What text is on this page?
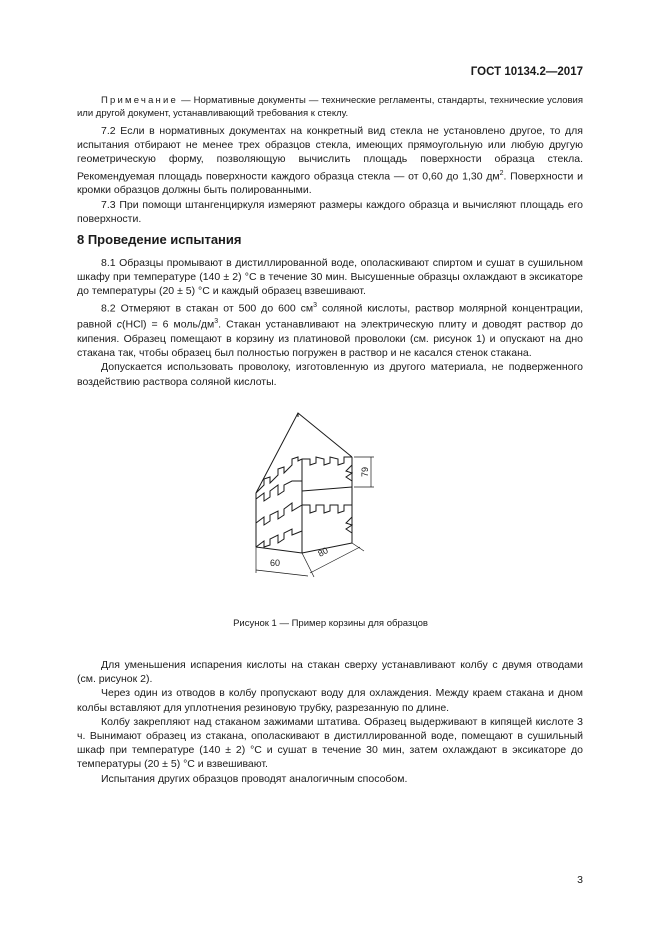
ГОСТ 10134.2—2017

Примечание — Нормативные документы — технические регламенты, стандарты, технические условия или другой документ, устанавливающий требования к стеклу.

7.2 Если в нормативных документах на конкретный вид стекла не установлено другое, то для испытания отбирают не менее трех образцов стекла, имеющих прямоугольную или любую другую геометрическую форму, позволяющую вычислить площадь поверхности образца стекла. Рекомендуемая площадь поверхности каждого образца стекла — от 0,60 до 1,30 $дм^2$. Поверхности и кромки образцов должны быть полированными.

7.3 При помощи штангенциркуля измеряют размеры каждого образца и вычисляют площадь его поверхности.

8 Проведение испытания

8.1 Образцы промывают в дистиллированной воде, ополаскивают спиртом и сушат в сушильном шкафу при температуре (140 ± 2) °С в течение 30 мин. Высушенные образцы охлаждают в эксикаторе до температуры (20 ± 5) °С и каждый образец взвешивают.

8.2 Отмеряют в стакан от 500 до 600 $см^3$ соляной кислоты, раствор молярной концентрации, равной c(HCl) = 6 моль/$дм^3$. Стакан устанавливают на электрическую плиту и доводят раствор до кипения. Образец помещают в корзину из платиновой проволоки (см. рисунок 1) и опускают на дно стакана так, чтобы образец был полностью погружен в раствор и не касался стенок стакана.

Допускается использовать проволоку, изготовленную из другого материала, не подверженного воздействию раствора соляной кислоты.

79
80
60
Рисунок 1 — Пример корзины для образцов

Для уменьшения испарения кислоты на стакан сверху устанавливают колбу с двумя отводами (см. рисунок 2).

Через один из отводов в колбу пропускают воду для охлаждения. Между краем стакана и дном колбы вставляют для уплотнения резиновую трубку, разрезанную по длине.

Колбу закрепляют над стаканом зажимами штатива. Образец выдерживают в кипящей кислоте 3 ч. Вынимают образец из стакана, ополаскивают в дистиллированной воде, помещают в сушильный шкаф при температуре (140 ± 2) °С и сушат в течение 30 мин, затем охлаждают в эксикаторе до температуры (20 ± 5) °С и взвешивают.

Испытания других образцов проводят аналогичным способом.

3
